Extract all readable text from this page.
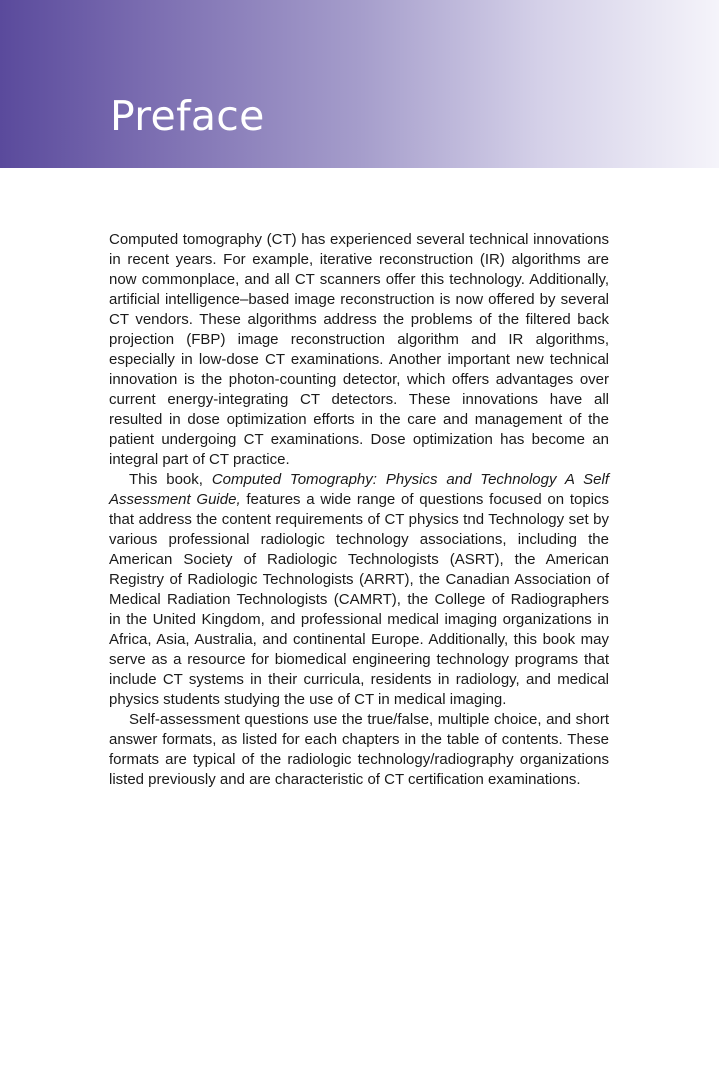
Preface

Computed tomography (CT) has experienced several technical innovations in recent years. For example, iterative reconstruction (IR) algorithms are now commonplace, and all CT scanners offer this technology. Additionally, artificial intelligence–based image reconstruction is now offered by several CT vendors. These algorithms address the problems of the filtered back projection (FBP) image reconstruction algorithm and IR algorithms, especially in low-dose CT examinations. Another important new technical innovation is the photon-counting detector, which offers advantages over current energy-integrating CT detectors. These innovations have all resulted in dose optimization efforts in the care and management of the patient undergoing CT examinations. Dose optimization has become an integral part of CT practice.

This book, Computed Tomography: Physics and Technology A Self Assessment Guide, features a wide range of questions focused on topics that address the content requirements of CT physics tnd Technology set by various professional radiologic technology associations, including the American Society of Radiologic Technologists (ASRT), the American Registry of Radiologic Technologists (ARRT), the Canadian Association of Medical Radiation Technologists (CAMRT), the College of Radiographers in the United Kingdom, and professional medical imaging organizations in Africa, Asia, Australia, and continental Europe. Additionally, this book may serve as a resource for biomedical engineering technology programs that include CT systems in their curricula, residents in radiology, and medical physics students studying the use of CT in medical imaging.

Self-assessment questions use the true/false, multiple choice, and short answer formats, as listed for each chapters in the table of contents. These formats are typical of the radiologic technology/​radiography organizations listed previously and are characteristic of CT certification examinations.
